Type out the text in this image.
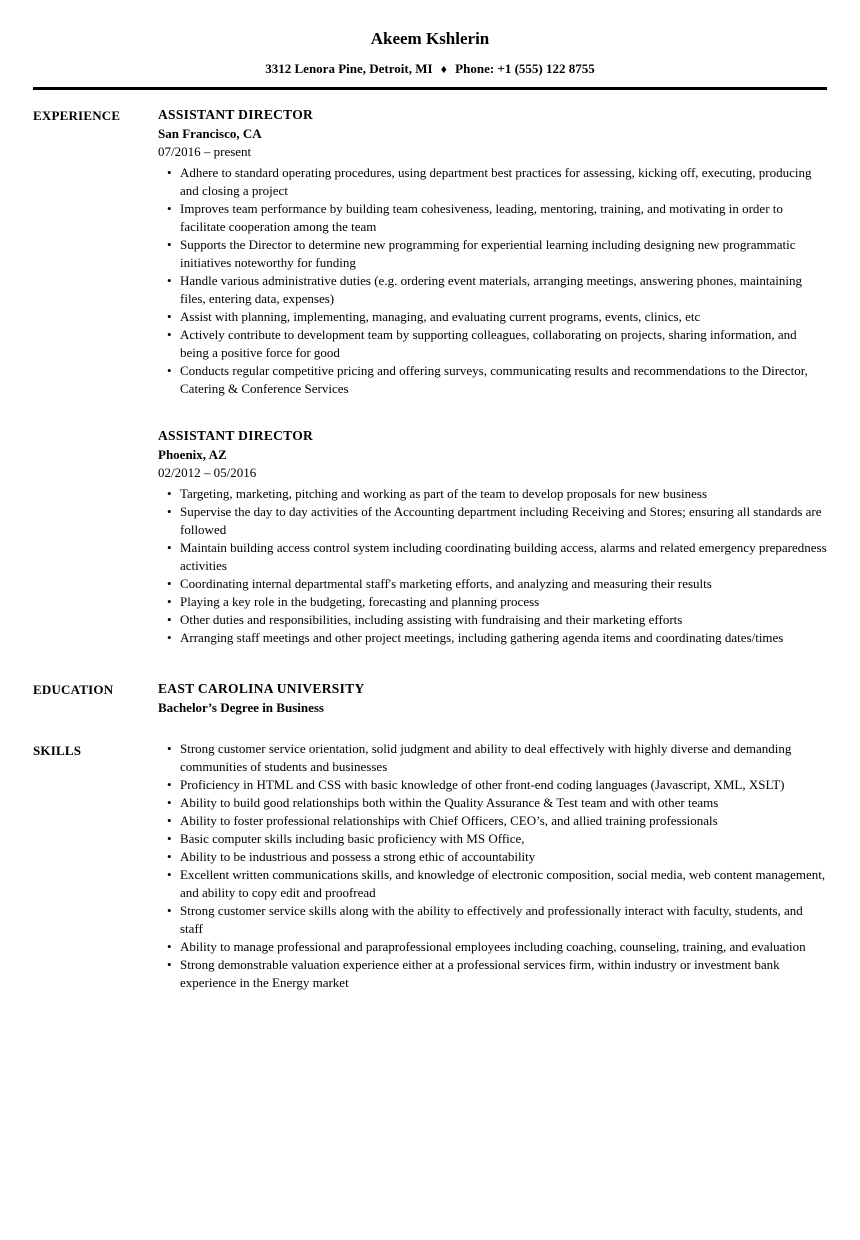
Akeem Kshlerin
3312 Lenora Pine, Detroit, MI ♦ Phone: +1 (555) 122 8755
EXPERIENCE	ASSISTANT DIRECTOR
San Francisco, CA
07/2016 – present
• Adhere to standard operating procedures, using department best practices for assessing, kicking off, executing, producing and closing a project
• Improves team performance by building team cohesiveness, leading, mentoring, training, and motivating in order to facilitate cooperation among the team
• Supports the Director to determine new programming for experiential learning including designing new programmatic initiatives noteworthy for funding
• Handle various administrative duties (e.g. ordering event materials, arranging meetings, answering phones, maintaining files, entering data, expenses)
• Assist with planning, implementing, managing, and evaluating current programs, events, clinics, etc
• Actively contribute to development team by supporting colleagues, collaborating on projects, sharing information, and being a positive force for good
• Conducts regular competitive pricing and offering surveys, communicating results and recommendations to the Director, Catering & Conference Services
ASSISTANT DIRECTOR
Phoenix, AZ
02/2012 – 05/2016
• Targeting, marketing, pitching and working as part of the team to develop proposals for new business
• Supervise the day to day activities of the Accounting department including Receiving and Stores; ensuring all standards are followed
• Maintain building access control system including coordinating building access, alarms and related emergency preparedness activities
• Coordinating internal departmental staff's marketing efforts, and analyzing and measuring their results
• Playing a key role in the budgeting, forecasting and planning process
• Other duties and responsibilities, including assisting with fundraising and their marketing efforts
• Arranging staff meetings and other project meetings, including gathering agenda items and coordinating dates/times
EDUCATION	EAST CAROLINA UNIVERSITY
Bachelor’s Degree in Business
SKILLS	• Strong customer service orientation, solid judgment and ability to deal effectively with highly diverse and demanding communities of students and businesses
• Proficiency in HTML and CSS with basic knowledge of other front-end coding languages (Javascript, XML, XSLT)
• Ability to build good relationships both within the Quality Assurance & Test team and with other teams
• Ability to foster professional relationships with Chief Officers, CEO’s, and allied training professionals
• Basic computer skills including basic proficiency with MS Office,
• Ability to be industrious and possess a strong ethic of accountability
• Excellent written communications skills, and knowledge of electronic composition, social media, web content management, and ability to copy edit and proofread
• Strong customer service skills along with the ability to effectively and professionally interact with faculty, students, and staff
• Ability to manage professional and paraprofessional employees including coaching, counseling, training, and evaluation
• Strong demonstrable valuation experience either at a professional services firm, within industry or investment bank experience in the Energy market
